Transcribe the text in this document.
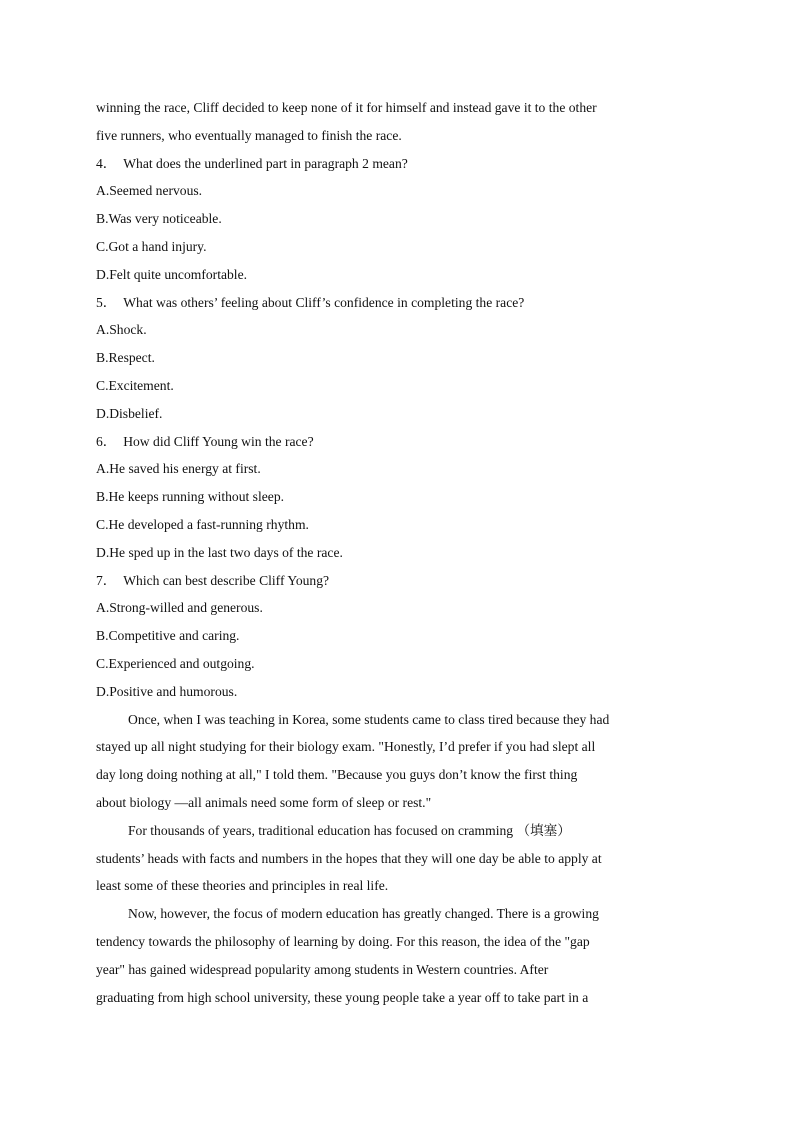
winning the race, Cliff decided to keep none of it for himself and instead gave it to the other

five runners, who eventually managed to finish the race.

4． What does the underlined part in paragraph 2 mean?

A.Seemed nervous.

B.Was very noticeable.

C.Got a hand injury.

D.Felt quite uncomfortable.

5． What was others’ feeling about Cliff’s confidence in completing the race?

A.Shock.

B.Respect.

C.Excitement.

D.Disbelief.

6． How did Cliff Young win the race?

A.He saved his energy at first.

B.He keeps running without sleep.

C.He developed a fast-running rhythm.

D.He sped up in the last two days of the race.

7． Which can best describe Cliff Young?

A.Strong-willed and generous.

B.Competitive and caring.

C.Experienced and outgoing.

D.Positive and humorous.

Once, when I was teaching in Korea, some students came to class tired because they had

stayed up all night studying for their biology exam. "Honestly, I’d prefer if you had slept all

day long doing nothing at all," I told them. "Because you guys don’t know the first thing

about biology —all animals need some form of sleep or rest."

For thousands of years, traditional education has focused on cramming （填塞）

students’ heads with facts and numbers in the hopes that they will one day be able to apply at

least some of these theories and principles in real life.

Now, however, the focus of modern education has greatly changed. There is a growing

tendency towards the philosophy of learning by doing. For this reason, the idea of the "gap

year" has gained widespread popularity among students in Western countries. After

graduating from high school university, these young people take a year off to take part in a
